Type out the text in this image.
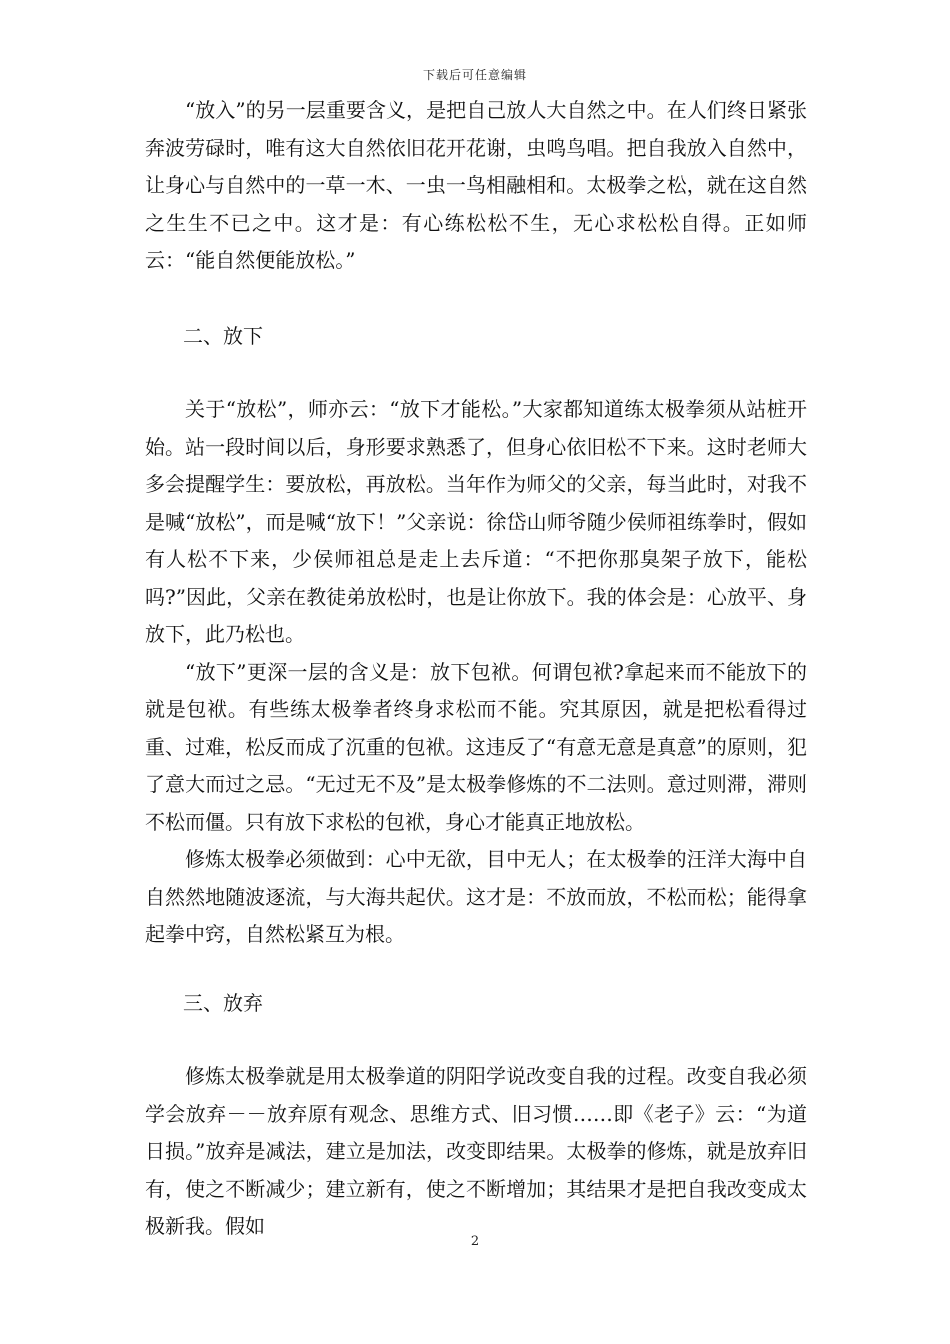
下载后可任意编辑

“放入”的另一层重要含义，是把自己放人大自然之中。在人们终日紧张奔波劳碌时，唯有这大自然依旧花开花谢，虫鸣鸟唱。把自我放入自然中，让身心与自然中的一草一木、一虫一鸟相融相和。太极拳之松，就在这自然之生生不已之中。这才是：有心练松松不生，无心求松松自得。正如师云：“能自然便能放松。”

二、放下

关于“放松”，师亦云：“放下才能松。”大家都知道练太极拳须从站桩开始。站一段时间以后，身形要求熟悉了，但身心依旧松不下来。这时老师大多会提醒学生：要放松，再放松。当年作为师父的父亲，每当此时，对我不是喊“放松”，而是喊“放下！”父亲说：徐岱山师爷随少侯师祖练拳时，假如有人松不下来，少侯师祖总是走上去斥道：“不把你那臭架子放下，能松吗?”因此，父亲在教徒弟放松时，也是让你放下。我的体会是：心放平、身放下，此乃松也。

“放下”更深一层的含义是：放下包袱。何谓包袱?拿起来而不能放下的就是包袱。有些练太极拳者终身求松而不能。究其原因，就是把松看得过重、过难，松反而成了沉重的包袱。这违反了“有意无意是真意”的原则，犯了意大而过之忌。“无过无不及”是太极拳修炼的不二法则。意过则滞，滞则不松而僵。只有放下求松的包袱，身心才能真正地放松。

修炼太极拳必须做到：心中无欲，目中无人；在太极拳的汪洋大海中自自然然地随波逐流，与大海共起伏。这才是：不放而放，不松而松；能得拿起拳中窍，自然松紧互为根。

三、放弃

修炼太极拳就是用太极拳道的阴阳学说改变自我的过程。改变自我必须学会放弃－－放弃原有观念、思维方式、旧习惯……即《老子》云：“为道日损。”放弃是减法，建立是加法，改变即结果。太极拳的修炼，就是放弃旧有，使之不断减少；建立新有，使之不断增加；其结果才是把自我改变成太极新我。假如

2
